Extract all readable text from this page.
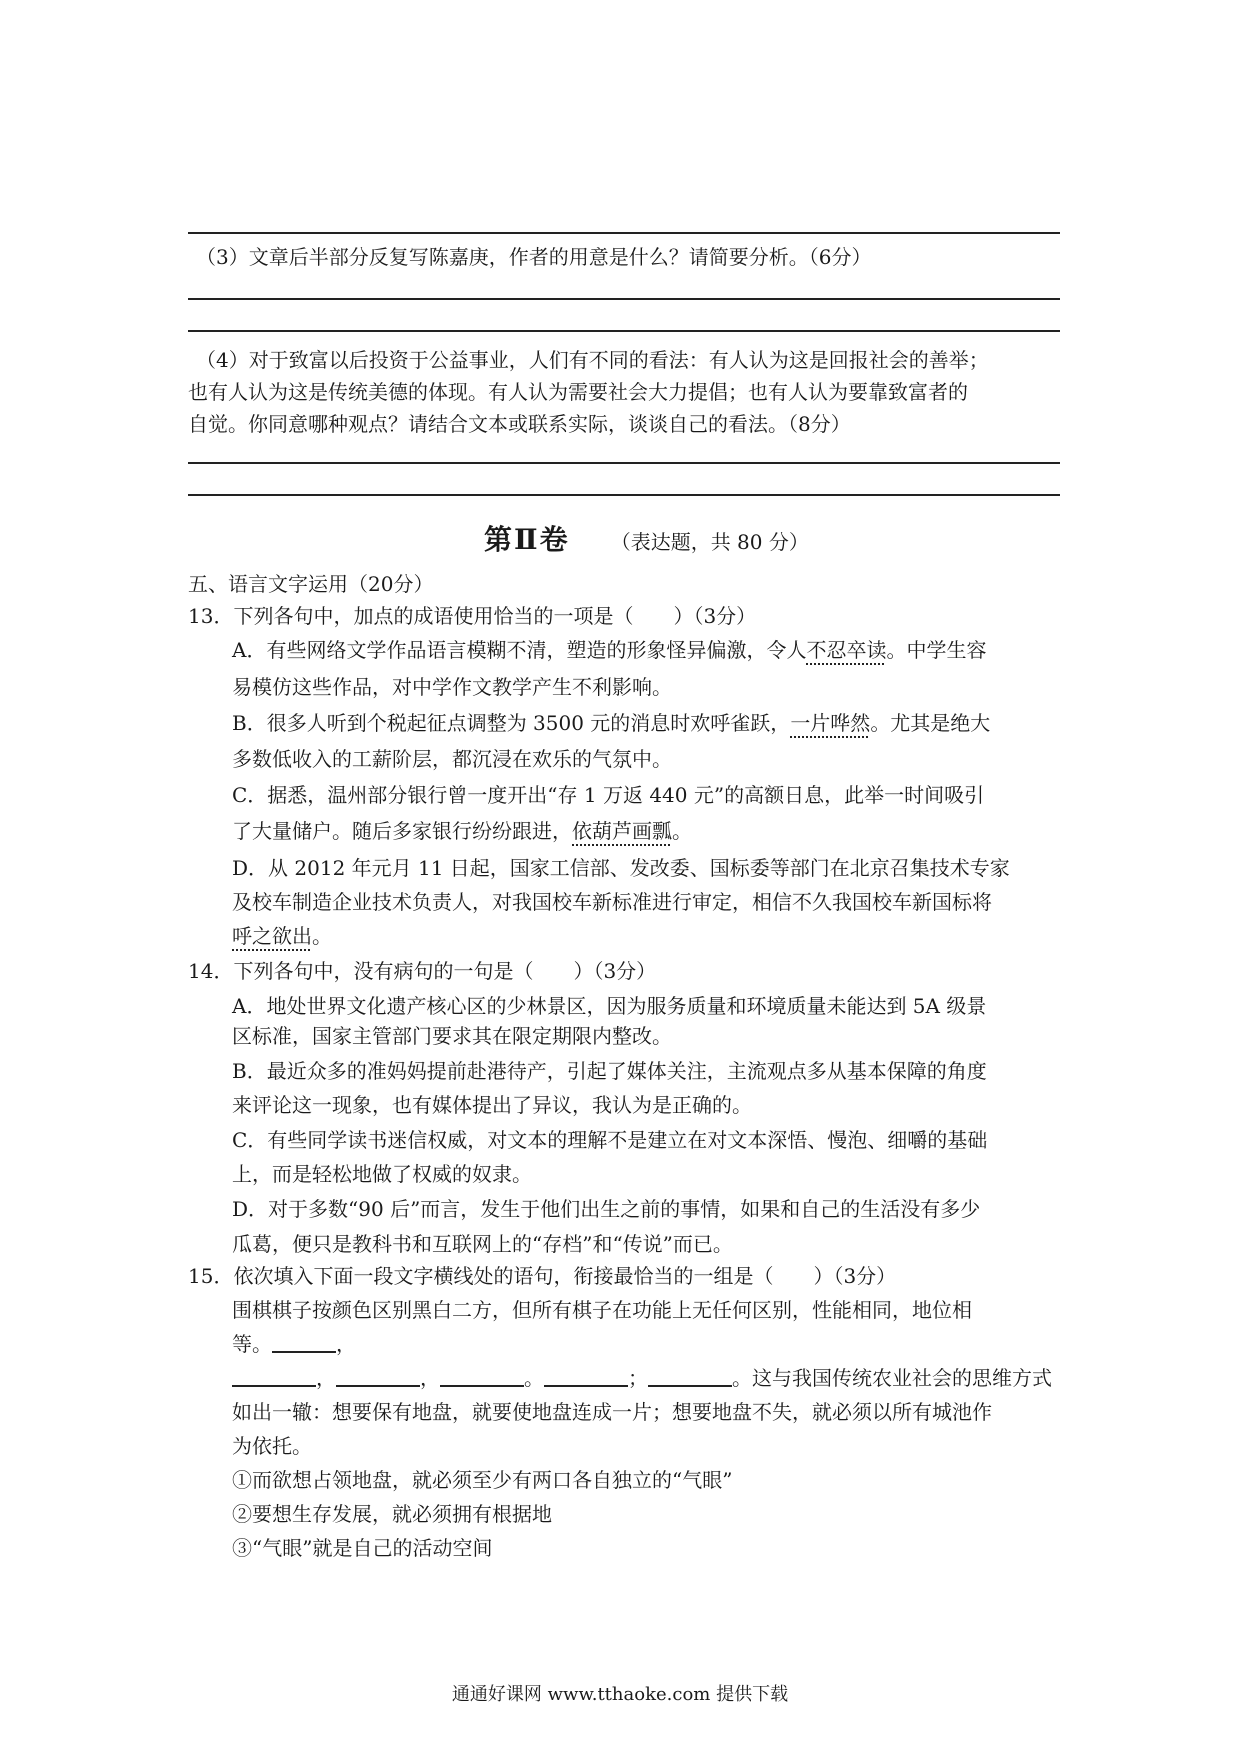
（3）文章后半部分反复写陈嘉庚，作者的用意是什么？请简要分析。（6分）
（4）对于致富以后投资于公益事业，人们有不同的看法：有人认为这是回报社会的善举；
也有人认为这是传统美德的体现。有人认为需要社会大力提倡；也有人认为要靠致富者的
自觉。你同意哪种观点？请结合文本或联系实际，谈谈自己的看法。（8分）
第Ⅱ卷 （表达题，共 80 分）
五、语言文字运用（20分）
13．下列各句中，加点的成语使用恰当的一项是（　　）（3分）
A．有些网络文学作品语言模糊不清，塑造的形象怪异偏激，令人不忍卒读。中学生容
易模仿这些作品，对中学作文教学产生不利影响。
B．很多人听到个税起征点调整为 3500 元的消息时欢呼雀跃，一片哗然。尤其是绝大
多数低收入的工薪阶层，都沉浸在欢乐的气氛中。
C．据悉，温州部分银行曾一度开出“存 1 万返 440 元”的高额日息，此举一时间吸引
了大量储户。随后多家银行纷纷跟进，依葫芦画瓢。
D．从 2012 年元月 11 日起，国家工信部、发改委、国标委等部门在北京召集技术专家
及校车制造企业技术负责人，对我国校车新标准进行审定，相信不久我国校车新国标将
呼之欲出。
14．下列各句中，没有病句的一句是（　　）（3分）
A．地处世界文化遗产核心区的少林景区，因为服务质量和环境质量未能达到 5A 级景
区标准，国家主管部门要求其在限定期限内整改。
B．最近众多的准妈妈提前赴港待产，引起了媒体关注，主流观点多从基本保障的角度
来评论这一现象，也有媒体提出了异议，我认为是正确的。
C．有些同学读书迷信权威，对文本的理解不是建立在对文本深悟、慢泡、细嚼的基础
上，而是轻松地做了权威的奴隶。
D．对于多数“90 后”而言，发生于他们出生之前的事情，如果和自己的生活没有多少
瓜葛，便只是教科书和互联网上的“存档”和“传说”而已。
15．依次填入下面一段文字横线处的语句，衔接最恰当的一组是（　　）（3分）
围棋棋子按颜色区别黑白二方，但所有棋子在功能上无任何区别，性能相同，地位相
等。	，
，	，	。	；	。这与我国传统农业社会的思维方式
如出一辙：想要保有地盘，就要使地盘连成一片；想要地盘不失，就必须以所有城池作
为依托。
①而欲想占领地盘，就必须至少有两口各自独立的“气眼”
②要想生存发展，就必须拥有根据地
③“气眼”就是自己的活动空间
通通好课网 www.tthaoke.com 提供下载
